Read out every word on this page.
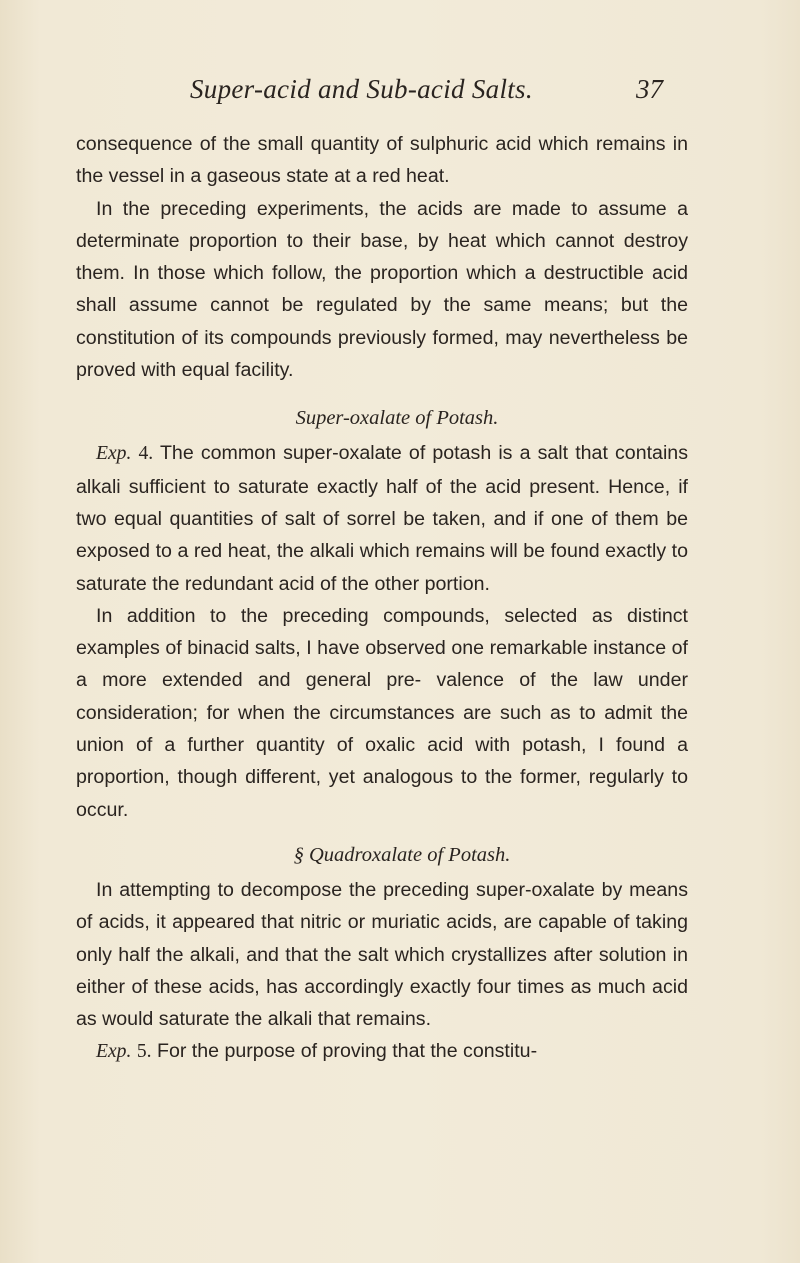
Super-acid and Sub-acid Salts.	37

consequence of the small quantity of sulphuric acid which remains in the vessel in a gaseous state at a red heat.

In the preceding experiments, the acids are made to assume a determinate proportion to their base, by heat which cannot destroy them. In those which follow, the proportion which a destructible acid shall assume cannot be regulated by the same means; but the constitution of its compounds previously formed, may nevertheless be proved with equal facility.

Super-oxalate of Potash.

Exp. 4. The common super-oxalate of potash is a salt that contains alkali sufficient to saturate exactly half of the acid present. Hence, if two equal quantities of salt of sorrel be taken, and if one of them be exposed to a red heat, the alkali which remains will be found exactly to saturate the redundant acid of the other portion.

In addition to the preceding compounds, selected as distinct examples of binacid salts, I have observed one remarkable instance of a more extended and general pre- valence of the law under consideration; for when the circumstances are such as to admit the union of a further quantity of oxalic acid with potash, I found a proportion, though different, yet analogous to the former, regularly to occur.

§ Quadroxalate of Potash.

In attempting to decompose the preceding super-oxalate by means of acids, it appeared that nitric or muriatic acids, are capable of taking only half the alkali, and that the salt which crystallizes after solution in either of these acids, has accordingly exactly four times as much acid as would saturate the alkali that remains.

Exp. 5. For the purpose of proving that the constitu-
